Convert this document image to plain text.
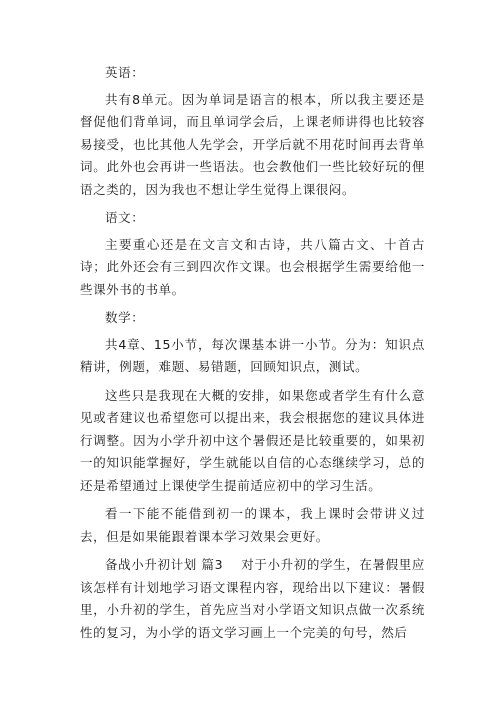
英语：

共有8单元。因为单词是语言的根本，所以我主要还是督促他们背单词，而且单词学会后，上课老师讲得也比较容易接受，也比其他人先学会，开学后就不用花时间再去背单词。此外也会再讲一些语法。也会教他们一些比较好玩的俚语之类的，因为我也不想让学生觉得上课很闷。

语文：

主要重心还是在文言文和古诗，共八篇古文、十首古诗；此外还会有三到四次作文课。也会根据学生需要给他一些课外书的书单。

数学：

共4章、15小节，每次课基本讲一小节。分为：知识点精讲，例题，难题、易错题，回顾知识点，测试。

这些只是我现在大概的安排，如果您或者学生有什么意见或者建议也希望您可以提出来，我会根据您的建议具体进行调整。因为小学升初中这个暑假还是比较重要的，如果初一的知识能掌握好，学生就能以自信的心态继续学习，总的还是希望通过上课使学生提前适应初中的学习生活。

看一下能不能借到初一的课本，我上课时会带讲义过去，但是如果能跟着课本学习效果会更好。

备战小升初计划 篇3 对于小升初的学生，在暑假里应该怎样有计划地学习语文课程内容，现给出以下建议：暑假里，小升初的学生，首先应当对小学语文知识点做一次系统性的复习，为小学的语文学习画上一个完美的句号，然后
